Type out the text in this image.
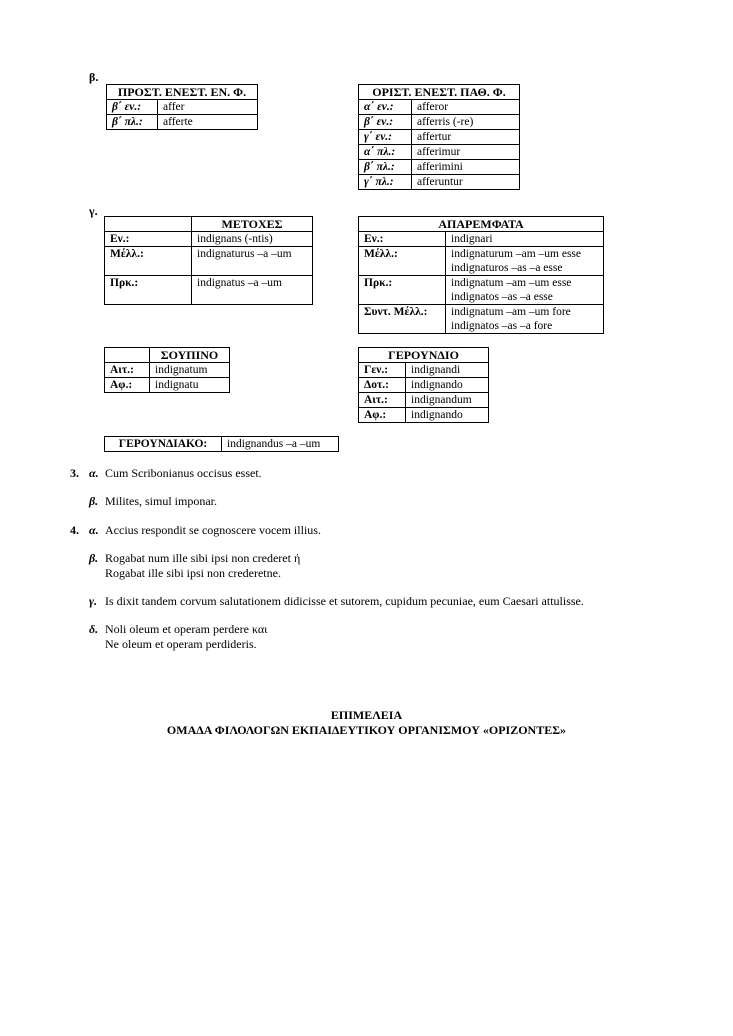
β.
ΠΡΟΣΤ. ΕΝΕΣΤ. ΕΝ. Φ.	
β΄ εν.:	affer
β΄ πλ.:	afferte
ΟΡΙΣΤ. ΕΝΕΣΤ. ΠΑΘ. Φ.	
α΄ εν.:	afferor
β΄ εν.:	afferris (-re)
γ΄ εν.:	affertur
α΄ πλ.:	afferimur
β΄ πλ.:	afferimini
γ΄ πλ.:	afferuntur
γ.
	ΜΕΤΟΧΕΣ
Εν.:	indignans (-ntis)
Μέλλ.:	indignaturus –a –um
Πρκ.:	indignatus –a –um
ΑΠΑΡΕΜΦΑΤΑ	
Εν.:	indignari
Μέλλ.:	indignaturum –am –um esse
indignaturos –as –a esse

Πρκ.:	indignatum –am –um esse
indignatos –as –a esse

Συντ. Μέλλ.:	indignatum –am –um fore
indignatos –as –a fore
	ΣΟΥΠΙΝΟ
Αιτ.:	indignatum
Αφ.:	indignatu
ΓΕΡΟΥΝΔΙΟ	
Γεν.:	indignandi
Δοτ.:	indignando
Αιτ.:	indignandum
Αφ.:	indignando
ΓΕΡΟΥΝΔΙΑΚΟ:	indignandus –a –um
3. α. Cum Scribonianus occisus esset.
β. Milites, simul imponar.
4. α. Accius respondit se cognoscere vocem illius.
β. Rogabat num ille sibi ipsi non crederet ή
Rogabat ille sibi ipsi non crederetne.
γ. Is dixit tandem corvum salutationem didicisse et sutorem, cupidum pecuniae, eum Caesari attulisse.
δ. Noli oleum et operam perdere και
Ne oleum et operam perdideris.
ΕΠΙΜΕΛΕΙΑ
ΟΜΑΔΑ ΦΙΛΟΛΟΓΩΝ ΕΚΠΑΙΔΕΥΤΙΚΟΥ ΟΡΓΑΝΙΣΜΟΥ «ΟΡΙΖΟΝΤΕΣ»
